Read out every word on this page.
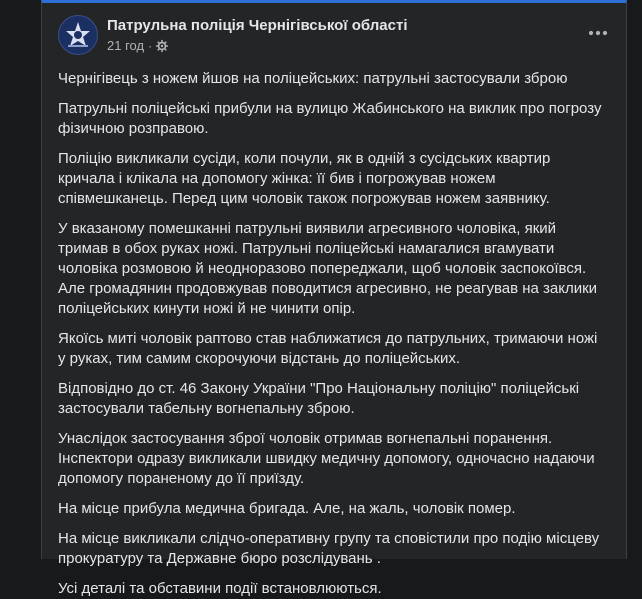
Патрульна поліція Чернігівської області
21 год ·

Чернігівець з ножем йшов на поліцейських: патрульні застосували зброю

Патрульні поліцейські прибули на вулицю Жабинського на виклик про погрозу фізичною розправою.

Поліцію викликали сусіди, коли почули, як в одній з сусідських квартир кричала і клікала на допомогу жінка: її бив і погрожував ножем співмешканець. Перед цим чоловік також погрожував ножем заявнику.

У вказаному помешканні патрульні виявили агресивного чоловіка, який тримав в обох руках ножі. Патрульні поліцейські намагалися вгамувати чоловіка розмовою й неодноразово попереджали, щоб чоловік заспокоївся. Але громадянин продовжував поводитися агресивно, не реагував на заклики поліцейських кинути ножі й не чинити опір.

Якоїсь миті чоловік раптово став наближатися до патрульних, тримаючи ножі у руках, тим самим скорочуючи відстань до поліцейських.

Відповідно до ст. 46 Закону України "Про Національну поліцію" поліцейські застосували табельну вогнепальну зброю.

Унаслідок застосування зброї чоловік отримав вогнепальні поранення. Інспектори одразу викликали швидку медичну допомогу, одночасно надаючи допомогу пораненому до її приїзду.

На місце прибула медична бригада. Але, на жаль, чоловік помер.

На місце викликали слідчо-оперативну групу та сповістили про подію місцеву прокуратуру та Державне бюро розслідувань .

Усі деталі та обставини події встановлюються.
